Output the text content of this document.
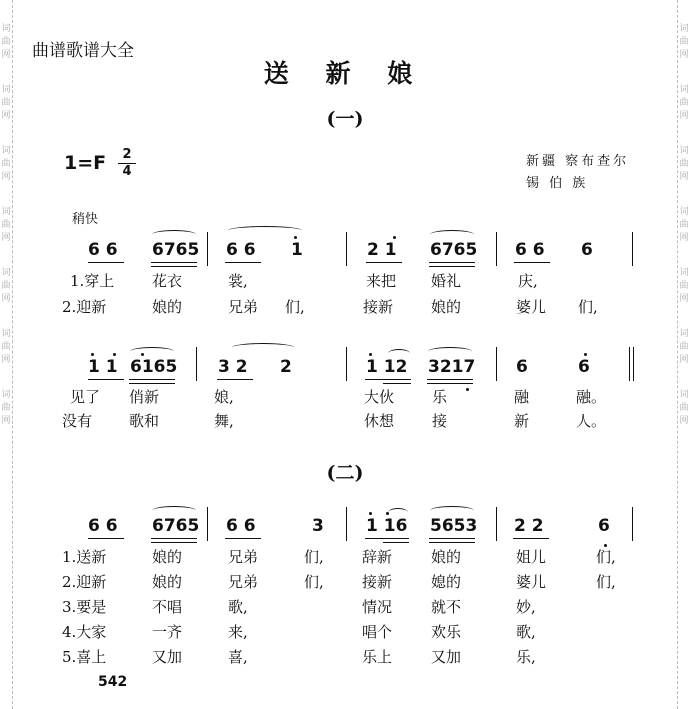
词
曲
网
词
曲
网
词
曲
网
词
曲
网
词
曲
网
词
曲
网
词
曲
网
词
曲
网
词
曲
网
词
曲
网
词
曲
网
词
曲
网
词
曲
网
词
曲
网
曲谱歌谱大全
送 新 娘
(一)
1=F	2
4
新疆 察布查尔
锡 伯 族
稍快
6 6 6765 6 6 1	2 1 6765 6 6 6
1.穿上	花衣	裳,	来把 婚礼	庆,
2.迎新	娘的	兄弟 们,	接新	娘的	婆儿 们,
1 1 6165 3 2 2	1 12 3217 6	6
见了 俏新	娘,	大伙	乐	融	融。
没有 歌和	舞,	休想	接	新	人。
(二)
6 6 6765 6 6	3 1 16 5653 2 2	6
1.送新	娘的	兄弟	们,	辞新	娘的	姐儿	们,
2.迎新	娘的	兄弟	们,	接新	媳的	婆儿	们,
3.要是	不唱	歌,	情况	就不	妙,
4.大家	一齐	来,	唱个	欢乐	歌,
5.喜上	又加	喜,	乐上	又加	乐,
542
